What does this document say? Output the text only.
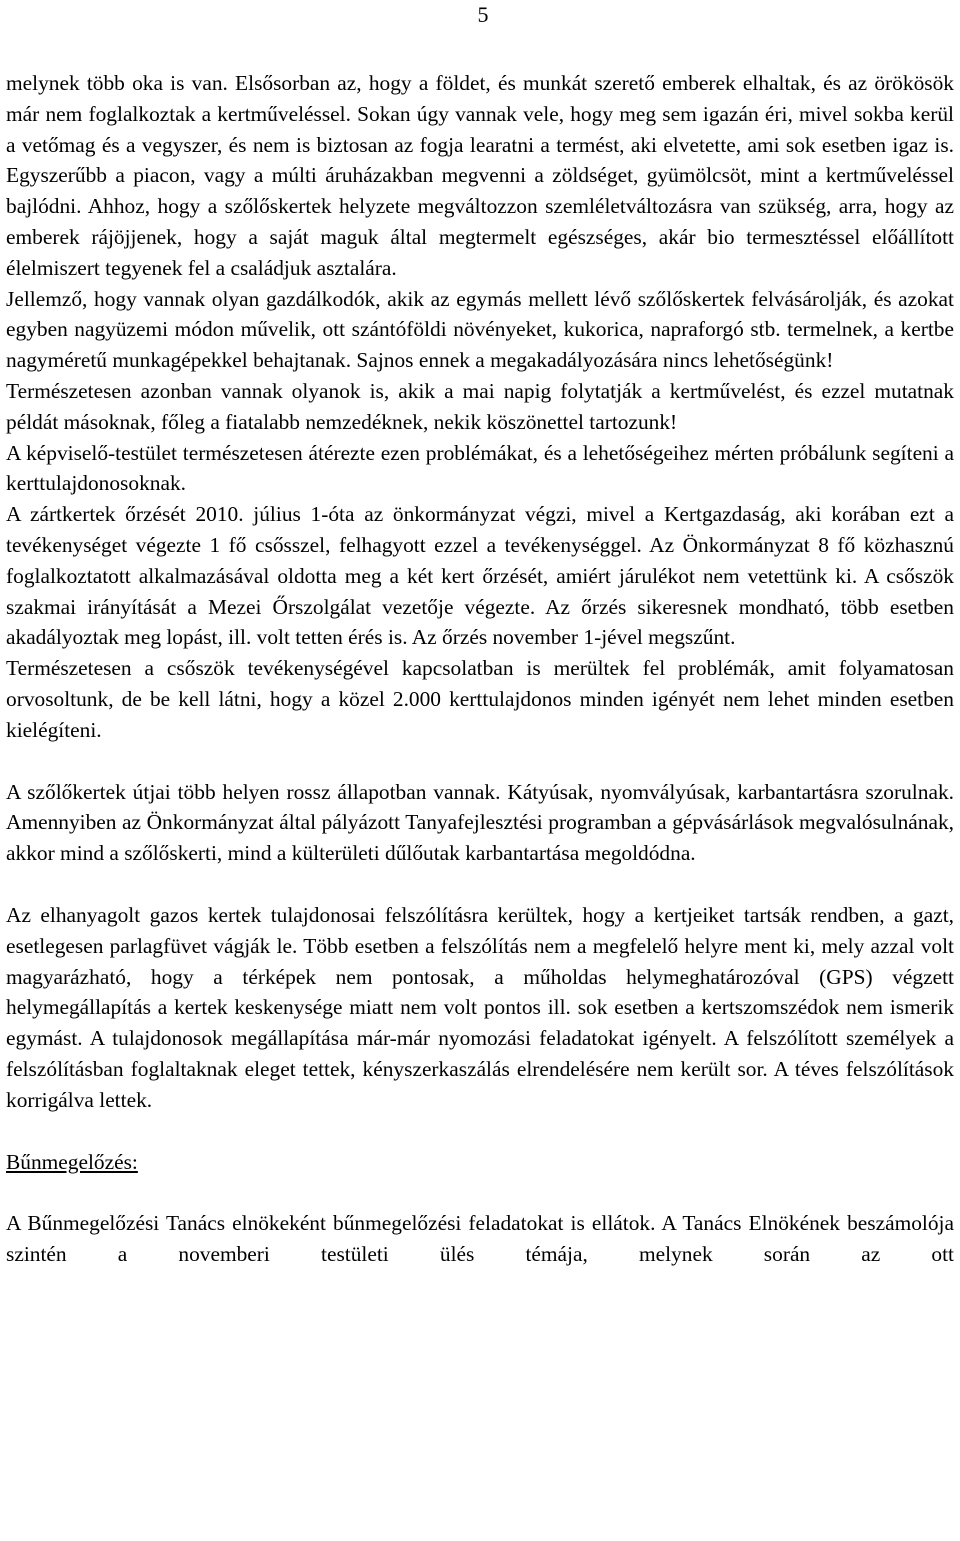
5

melynek több oka is van. Elsősorban az, hogy a földet, és munkát szerető emberek elhaltak, és az örökösök már nem foglalkoztak a kertműveléssel. Sokan úgy vannak vele, hogy meg sem igazán éri, mivel sokba kerül a vetőmag és a vegyszer, és nem is biztosan az fogja learatni a termést, aki elvetette, ami sok esetben igaz is. Egyszerűbb a piacon, vagy a múlti áruházakban megvenni a zöldséget, gyümölcsöt, mint a kertműveléssel bajlódni. Ahhoz, hogy a szőlőskertek helyzete megváltozzon szemléletváltozásra van szükség, arra, hogy az emberek rájöjjenek, hogy a saját maguk által megtermelt egészséges, akár bio termesztéssel előállított élelmiszert tegyenek fel a családjuk asztalára.

Jellemző, hogy vannak olyan gazdálkodók, akik az egymás mellett lévő szőlőskertek felvásárolják, és azokat egyben nagyüzemi módon művelik, ott szántóföldi növényeket, kukorica, napraforgó stb. termelnek, a kertbe nagyméretű munkagépekkel behajtanak. Sajnos ennek a megakadályozására nincs lehetőségünk!

Természetesen azonban vannak olyanok is, akik a mai napig folytatják a kertművelést, és ezzel mutatnak példát másoknak, főleg a fiatalabb nemzedéknek, nekik köszönettel tartozunk!

A képviselő-testület természetesen átérezte ezen problémákat, és a lehetőségeihez mérten próbálunk segíteni a kerttulajdonosoknak.

A zártkertek őrzését 2010. július 1-óta az önkormányzat végzi, mivel a Kertgazdaság, aki korában ezt a tevékenységet végezte 1 fő csősszel, felhagyott ezzel a tevékenységgel. Az Önkormányzat 8 fő közhasznú foglalkoztatott alkalmazásával oldotta meg a két kert őrzését, amiért járulékot nem vetettünk ki. A csőszök szakmai irányítását a Mezei Őrszolgálat vezetője végezte. Az őrzés sikeresnek mondható, több esetben akadályoztak meg lopást, ill. volt tetten érés is. Az őrzés november 1-jével megszűnt.

Természetesen a csőszök tevékenységével kapcsolatban is merültek fel problémák, amit folyamatosan orvosoltunk, de be kell látni, hogy a közel 2.000 kerttulajdonos minden igényét nem lehet minden esetben kielégíteni.

A szőlőkertek útjai több helyen rossz állapotban vannak. Kátyúsak, nyomvályúsak, karbantartásra szorulnak. Amennyiben az Önkormányzat által pályázott Tanyafejlesztési programban a gépvásárlások megvalósulnának, akkor mind a szőlőskerti, mind a külterületi dűlőutak karbantartása megoldódna.

Az elhanyagolt gazos kertek tulajdonosai felszólításra kerültek, hogy a kertjeiket tartsák rendben, a gazt, esetlegesen parlagfüvet vágják le. Több esetben a felszólítás nem a megfelelő helyre ment ki, mely azzal volt magyarázható, hogy a térképek nem pontosak, a műholdas helymeghatározóval (GPS) végzett helymegállapítás a kertek keskenysége miatt nem volt pontos ill. sok esetben a kertszomszédok nem ismerik egymást. A tulajdonosok megállapítása már-már nyomozási feladatokat igényelt. A felszólított személyek a felszólításban foglaltaknak eleget tettek, kényszerkaszálás elrendelésére nem került sor. A téves felszólítások korrigálva lettek.

Bűnmegelőzés:

A Bűnmegelőzési Tanács elnökeként bűnmegelőzési feladatokat is ellátok. A Tanács Elnökének beszámolója szintén a novemberi testületi ülés témája, melynek során az ott
